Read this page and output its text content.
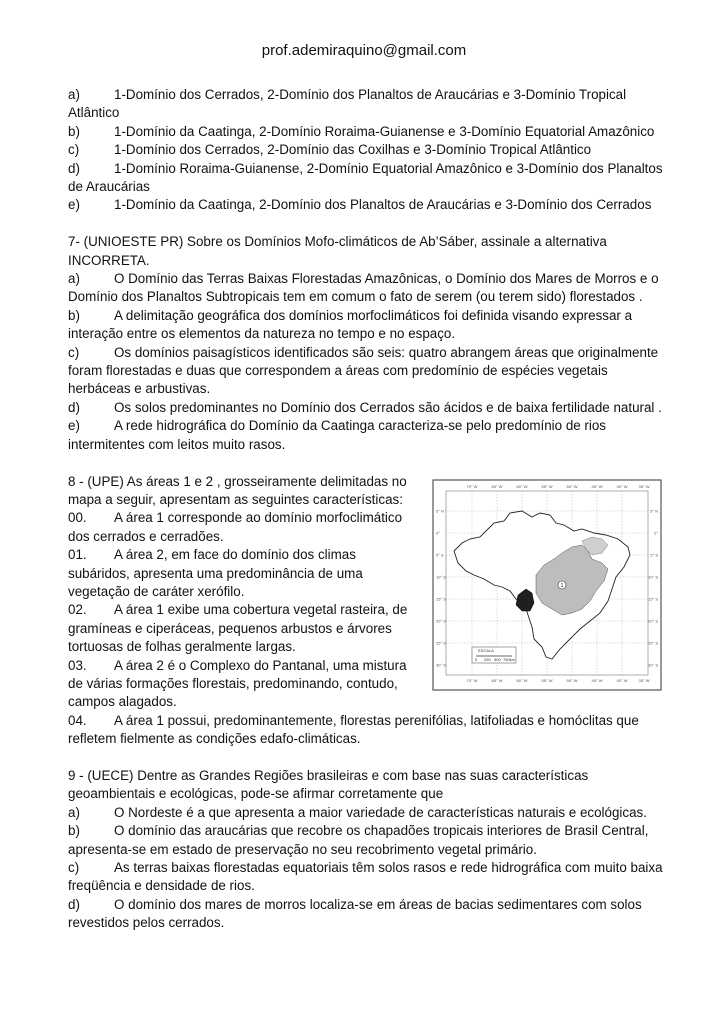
prof.ademiraquino@gmail.com

a)	1-Domínio dos Cerrados, 2-Domínio dos Planaltos de Araucárias e 3-Domínio Tropical Atlântico

b)	1-Domínio da Caatinga, 2-Domínio Roraima-Guianense e 3-Domínio Equatorial Amazônico

c)	1-Domínio dos Cerrados, 2-Domínio das Coxilhas e 3-Domínio Tropical Atlântico

d)	1-Domínio Roraima-Guianense, 2-Domínio Equatorial Amazônico e 3-Domínio dos Planaltos de Araucárias

e)	1-Domínio da Caatinga, 2-Domínio dos Planaltos de Araucárias e 3-Domínio dos Cerrados

7- (UNIOESTE PR) Sobre os Domínios Mofo-climáticos de Ab’Sáber, assinale a alternativa INCORRETA.

a)	O Domínio das Terras Baixas Florestadas Amazônicas, o Domínio dos Mares de Morros e o Domínio dos Planaltos Subtropicais tem em comum o fato de serem (ou terem sido) florestados .

b)	A delimitação geográfica dos domínios morfoclimáticos foi definida visando expressar a interação entre os elementos da natureza no tempo e no espaço.

c)	Os domínios paisagísticos identificados são seis: quatro abrangem áreas que originalmente foram florestadas e duas que correspondem a áreas com predomínio de espécies vegetais herbáceas e arbustivas.

d)	Os solos predominantes no Domínio dos Cerrados são ácidos e de baixa fertilidade natural .

e)	A rede hidrográfica do Domínio da Caatinga caracteriza-se pelo predomínio de rios intermitentes com leitos muito rasos.

8 - (UPE) As áreas 1 e 2 , grosseiramente delimitadas no mapa a seguir, apresentam as seguintes características:

00. A área 1 corresponde ao domínio morfoclimático dos cerrados e cerradões.

01. A área 2, em face do domínio dos climas subáridos, apresenta uma predominância de uma vegetação de caráter xerófilo.

02. A área 1 exibe uma cobertura vegetal rasteira, de gramíneas e ciperáceas, pequenos arbustos e árvores tortuosas de folhas geralmente largas.

03. A área 2 é o Complexo do Pantanal, uma mistura de várias formações florestais, predominando, contudo, campos alagados.

04. A área 1 possui, predominantemente, florestas perenifólias, latifoliadas e homóclitas que refletem fielmente as condições edafo-climáticas.

70° W	65° W	60° W	55° W	50° W	45° W	40° W	35° W
70° W	65° W	60° W	55° W	50° W	45° W	40° W	35° W
5° N
0°
5° S
10° S
15° S
20° S
25° S
30° S
5° N
0°
5° S
10° S
15° S
20° S
25° S
30° S
1
ESCALA
0 250 500 750km

9 - (UECE) Dentre as Grandes Regiões brasileiras e com base nas suas características geoambientais e ecológicas, pode-se afirmar corretamente que

a)	O Nordeste é a que apresenta a maior variedade de características naturais e ecológicas.

b)	O domínio das araucárias que recobre os chapadões tropicais interiores de Brasil Central, apresenta-se em estado de preservação no seu recobrimento vegetal primário.

c)	As terras baixas florestadas equatoriais têm solos rasos e rede hidrográfica com muito baixa freqüência e densidade de rios.

d)	O domínio dos mares de morros localiza-se em áreas de bacias sedimentares com solos revestidos pelos cerrados.
